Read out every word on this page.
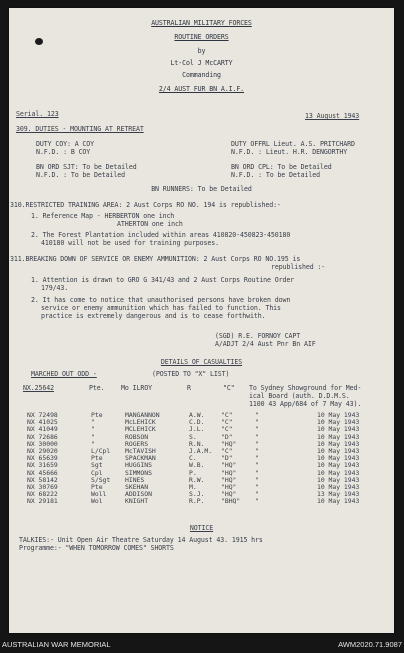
AUSTRALIAN MILITARY FORCES
ROUTINE ORDERS
by
Lt-Col J McCARTY
Commanding
2/4 AUST FUR BN A.I.F.
Serial. 123	13 August 1943
309. DUTIES - MOUNTING AT RETREAT
DUTY COY: A COY
N.F.D. : B COY
DUTY OFFRL Lieut. A.S. PRITCHARD
N.F.D. : Lieut. H.R. DENGORTHY
BN ORD SJT: To be Detailed
N.F.D. : To be Detailed
BN ORD CPL: To be Detailed
N.F.D. : To be Detailed
BN RUNNERS: To be Detailed
310.RESTRICTED TRAINING AREA: 2 Aust Corps RO NO. 194 is republished:-
1. Reference Map - HERBERTON one inch
ATHERTON one inch
2. The Forest Plantation included within areas 410820-450823-450180
410180 will not be used for training purposes.
311.BREAKING DOWN OF SERVICE OR ENEMY AMMUNITION: 2 Aust Corps RO NO.195 is
republished :-
1. Attention is drawn to GRO G 341/43 and 2 Aust Corps Routine Order
179/43.
2. It has come to notice that unauthorised persons have broken down
service or enemy ammunition which has failed to function. This
practice is extremely dangerous and is to cease forthwith.
(SGD) R.E. FORNOY CAPT
A/ADJT 2/4 Aust Pnr Bn AIF
DETAILS OF CASUALTIES
MARCHED OUT ODD -	(POSTED TO "X" LIST)
NX.25642	Pte.	Mo ILROY	R	"C" To Sydney Showground for Med-
ical Board (auth. D.D.M.S.
1100 43 App/684 of 7 May 43).
NX 72498	Pte	MANGANNON	A.W.	"C"	"	10 May 1943
NX 41025	"	McLEHICK	C.D.	"C"	"	10 May 1943
NX 41049	"	MCLEHICK	J.L.	"C"	"	10 May 1943
NX 72686	"	ROBSON	S.	"D"	"	10 May 1943
NX 30000	"	ROGERS	R.N.	"HQ"	"	10 May 1943
NX 29020	L/Cpl	McTAVISH	J.A.M.	"C"	"	10 May 1943
NX 65639	Pte	SPACKMAN	C.	"D"	"	10 May 1943
NX 31659	Sgt	HUGGINS	W.B.	"HQ"	"	10 May 1943
NX 45666	Cpl	SIMMONS	P.	"HQ"	"	10 May 1943
NX 58142	S/Sgt	HINES	R.W.	"HQ"	"	10 May 1943
NX 30769	Pte	SKEHAN	M.	"HQ"	"	10 May 1943
NX 68222	Woll	ADDISON	S.J.	"HQ"	"	13 May 1943
NX 29181	Wol	KNIGHT	R.P.	"BHQ"	"	10 May 1943
NOTICE
TALKIES:- Unit Open Air Theatre Saturday 14 August 43. 1915 hrs
Programme:- "WHEN TOMORROW COMES" SHORTS
AUSTRALIAN WAR MEMORIAL	AWM2020.71.9087
